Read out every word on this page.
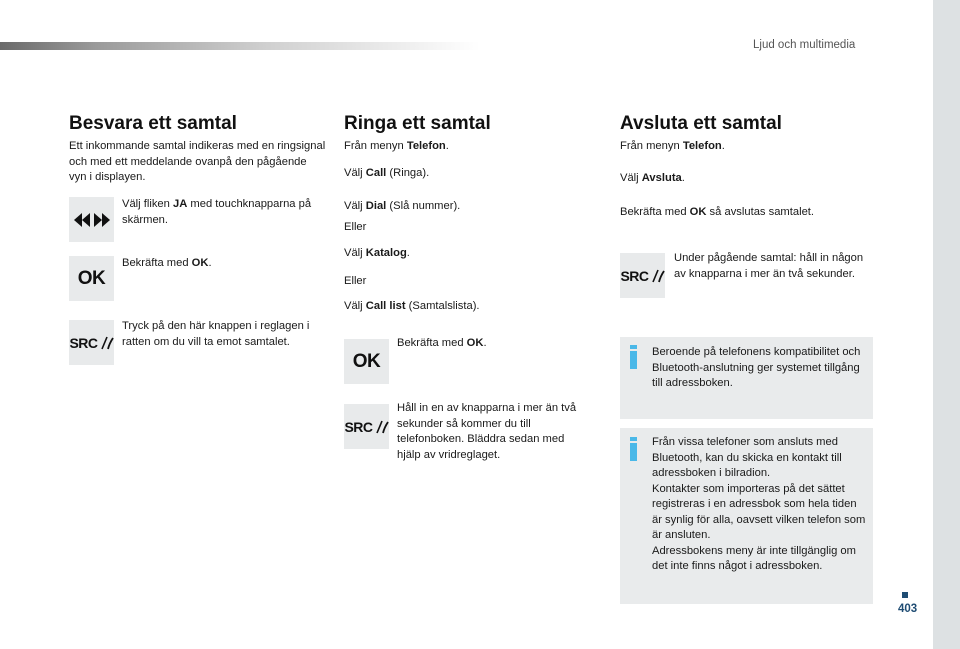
Ljud och multimedia
403
Besvara ett samtal
Ett inkommande samtal indikeras med en ringsignal och med ett meddelande ovanpå den pågående vyn i displayen.
Välj fliken JA med touchknapparna på skärmen.
OK
Bekräfta med OK.
SRC
Tryck på den här knappen i reglagen i ratten om du vill ta emot samtalet.
Ringa ett samtal
Från menyn Telefon.
Välj Call (Ringa).
Välj Dial (Slå nummer).
Eller
Välj Katalog.
Eller
Välj Call list (Samtalslista).
OK
Bekräfta med OK.
SRC
Håll in en av knapparna i mer än två sekunder så kommer du till telefonboken. Bläddra sedan med hjälp av vridreglaget.
Avsluta ett samtal
Från menyn Telefon.
Välj Avsluta.
Bekräfta med OK så avslutas samtalet.
SRC
Under pågående samtal: håll in någon av knapparna i mer än två sekunder.
Beroende på telefonens kompatibilitet och Bluetooth-anslutning ger systemet tillgång till adressboken.
Från vissa telefoner som ansluts med Bluetooth, kan du skicka en kontakt till adressboken i bilradion.
Kontakter som importeras på det sättet registreras i en adressbok som hela tiden är synlig för alla, oavsett vilken telefon som är ansluten.
Adressbokens meny är inte tillgänglig om det inte finns något i adressboken.
